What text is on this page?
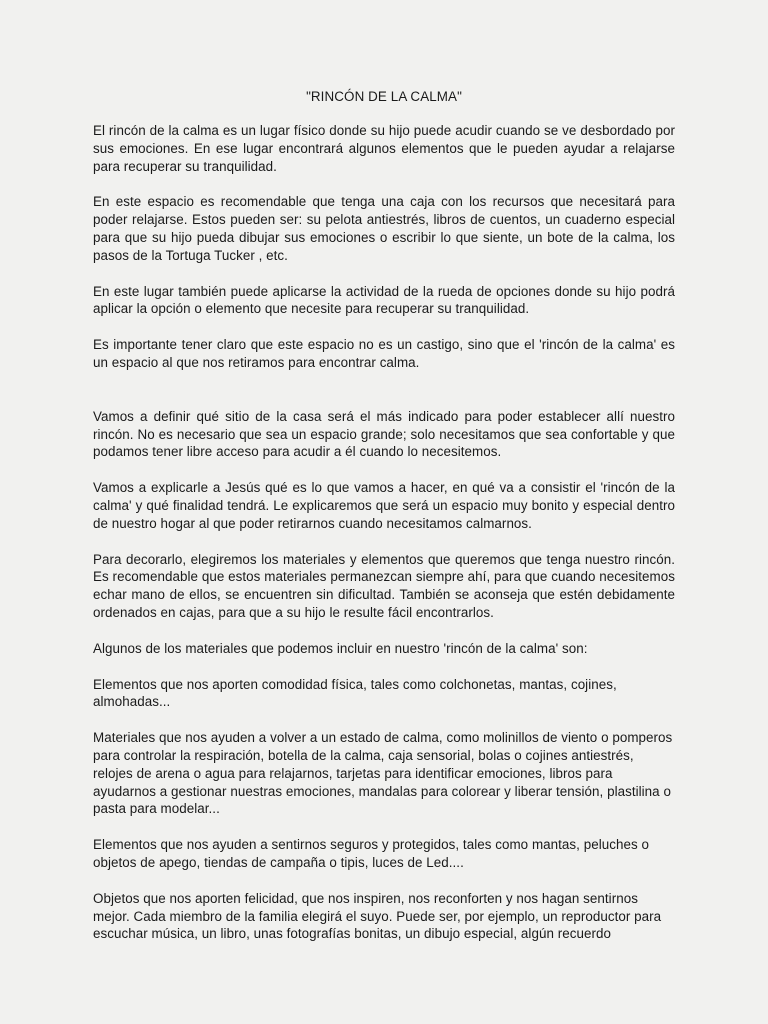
"RINCÓN DE LA CALMA"

El rincón de la calma es un lugar físico donde su hijo puede acudir cuando se ve desbordado por sus emociones. En ese lugar encontrará algunos elementos que le pueden ayudar a relajarse para recuperar su tranquilidad.

En este espacio es recomendable que tenga una caja con los recursos que necesitará para poder relajarse. Estos pueden ser: su pelota antiestrés, libros de cuentos, un cuaderno especial para que su hijo pueda dibujar sus emociones o escribir lo que siente, un bote de la calma, los pasos de la Tortuga Tucker , etc.

En este lugar también puede aplicarse la actividad de la rueda de opciones donde su hijo podrá aplicar la opción o elemento que necesite para recuperar su tranquilidad.

Es importante tener claro que este espacio no es un castigo, sino que el 'rincón de la calma' es un espacio al que nos retiramos para encontrar calma.

Vamos a definir qué sitio de la casa será el más indicado para poder establecer allí nuestro rincón. No es necesario que sea un espacio grande; solo necesitamos que sea confortable y que podamos tener libre acceso para acudir a él cuando lo necesitemos.

Vamos a explicarle a Jesús qué es lo que vamos a hacer, en qué va a consistir el 'rincón de la calma' y qué finalidad tendrá. Le explicaremos que será un espacio muy bonito y especial dentro de nuestro hogar al que poder retirarnos cuando necesitamos calmarnos.

Para decorarlo, elegiremos los materiales y elementos que queremos que tenga nuestro rincón. Es recomendable que estos materiales permanezcan siempre ahí, para que cuando necesitemos echar mano de ellos, se encuentren sin dificultad. También se aconseja que estén debidamente ordenados en cajas, para que a su hijo le resulte fácil encontrarlos.

Algunos de los materiales que podemos incluir en nuestro 'rincón de la calma' son:

Elementos que nos aporten comodidad física, tales como colchonetas, mantas, cojines, almohadas...

Materiales que nos ayuden a volver a un estado de calma, como molinillos de viento o pomperos para controlar la respiración, botella de la calma, caja sensorial, bolas o cojines antiestrés, relojes de arena o agua para relajarnos, tarjetas para identificar emociones, libros para ayudarnos a gestionar nuestras emociones, mandalas para colorear y liberar tensión, plastilina o pasta para modelar...

Elementos que nos ayuden a sentirnos seguros y protegidos, tales como mantas, peluches o objetos de apego, tiendas de campaña o tipis, luces de Led....

Objetos que nos aporten felicidad, que nos inspiren, nos reconforten y nos hagan sentirnos mejor. Cada miembro de la familia elegirá el suyo. Puede ser, por ejemplo, un reproductor para escuchar música, un libro, unas fotografías bonitas, un dibujo especial, algún recuerdo
